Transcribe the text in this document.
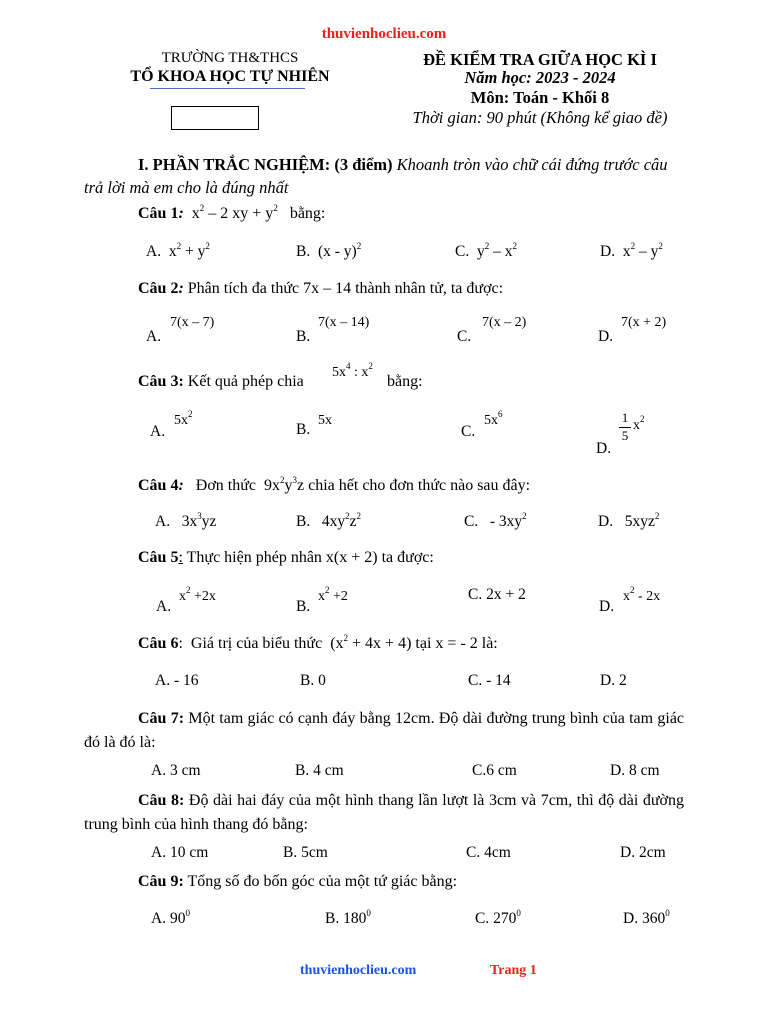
thuvienhoclieu.com
TRƯỜNG TH&THCS
TỔ KHOA HỌC TỰ NHIÊN
ĐỀ KIỂM TRA GIỮA HỌC KÌ I
Năm học: 2023 - 2024
Môn: Toán - Khối 8
Thời gian: 90 phút (Không kể giao đề)
I. PHẦN TRẮC NGHIỆM: (3 điểm) Khoanh tròn vào chữ cái đứng trước câu
trả lời mà em cho là đúng nhất
Câu 1: $x^2 - 2$ xy + $y^2$ bằng:
A.  $x^2 + y^2$	B.  (x - y)$^2$	C.  $y^2 - x^2$	D.  $x^2 - y^2$
Câu 2: Phân tích đa thức 7x – 14 thành nhân tử, ta được:
A.
7(x – 7)
B.
7(x – 14)
C.
7(x – 2)
D.
7(x + 2)
Câu 3: Kết quả phép chia
$5x^4$ : $x^2$
bằng:
A.
$5x^2$
B.
5x
C.
$5x^6$
D.
$\frac{1}{5} x^2$
Câu 4: Đơn thức  $9x^2y^3z$ chia hết cho đơn thức nào sau đây:
A.   $3x^3yz$	B.   $4xy^2z^2$	C.   - $3xy^2$	D.   5xyz$^2$
Câu 5: Thực hiện phép nhân x(x + 2) ta được:
A.
$x^2 +2x$
B.
$x^2 +2$	C. 2x + 2
D.
$x^2 - 2x$
Câu 6:  Giá trị của biểu thức  $(x^2 + 4x + 4)$ tại x = - 2 là:
A. - 16	B. 0	C. - 14	D. 2
Câu 7: Một tam giác có cạnh đáy bằng 12cm. Độ dài đường trung bình của tam giác đó là đó là:
A. 3 cm	B. 4 cm	C.6 cm	D. 8 cm
Câu 8: Độ dài hai đáy của một hình thang lần lượt là 3cm và 7cm, thì độ dài đường trung bình của hình thang đó bằng:
A. 10 cm	B. 5cm	C. 4cm	D. 2cm
Câu 9: Tổng số đo bốn góc của một tứ giác bằng:
A. $90^0$	B. $180^0$	C. $270^0$	D. $360^0$
thuvienhoclieu.com	Trang 1
